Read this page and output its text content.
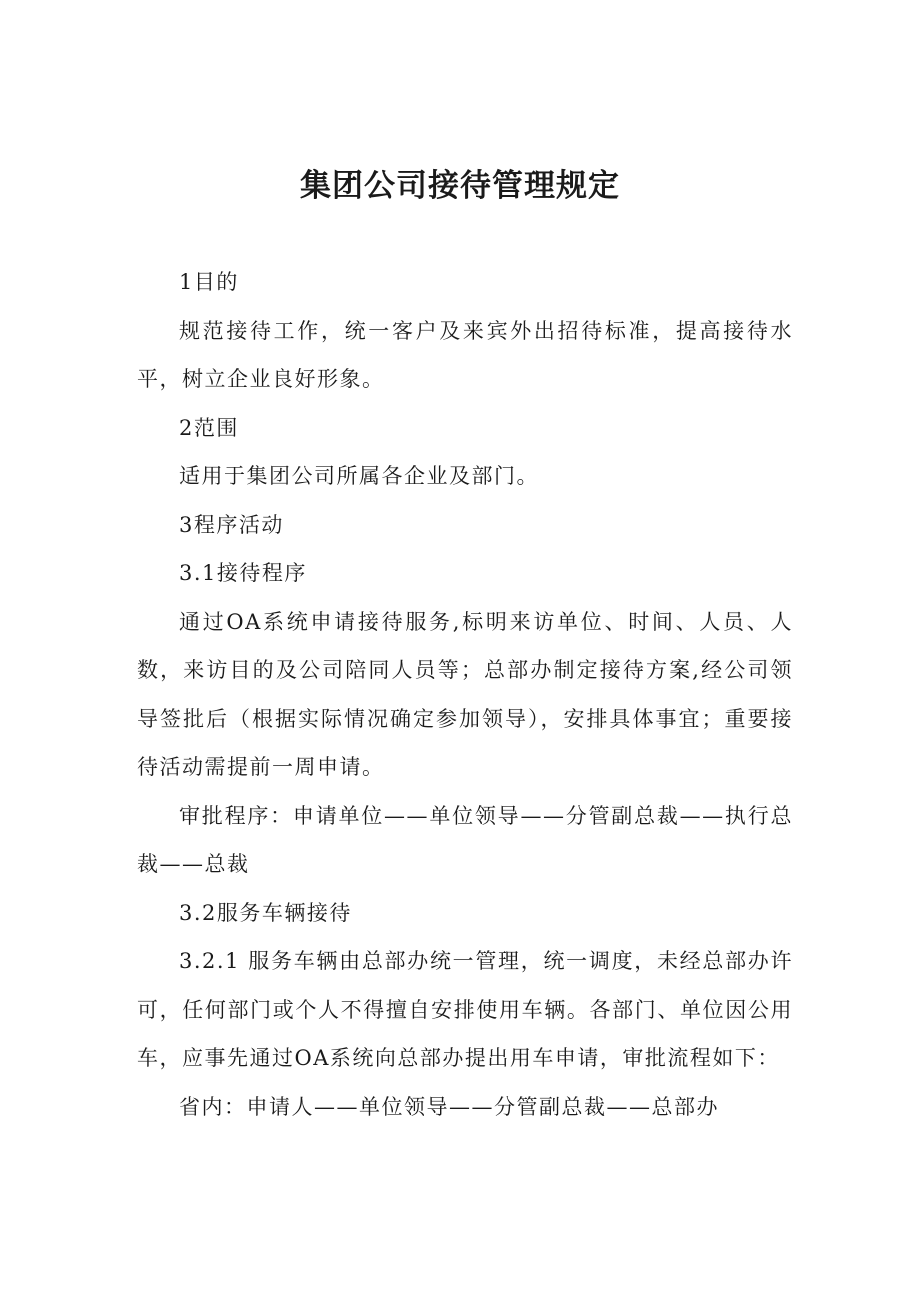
集团公司接待管理规定

1目的

规范接待工作，统一客户及来宾外出招待标准，提高接待水平，树立企业良好形象。

2范围

适用于集团公司所属各企业及部门。

3程序活动

3.1接待程序

通过OA系统申请接待服务,标明来访单位、时间、人员、人数，来访目的及公司陪同人员等；总部办制定接待方案,经公司领导签批后（根据实际情况确定参加领导），安排具体事宜；重要接待活动需提前一周申请。

审批程序：申请单位——单位领导——分管副总裁——执行总裁——总裁

3.2服务车辆接待

3.2.1 服务车辆由总部办统一管理，统一调度，未经总部办许可，任何部门或个人不得擅自安排使用车辆。各部门、单位因公用车，应事先通过OA系统向总部办提出用车申请，审批流程如下：

省内：申请人——单位领导——分管副总裁——总部办
